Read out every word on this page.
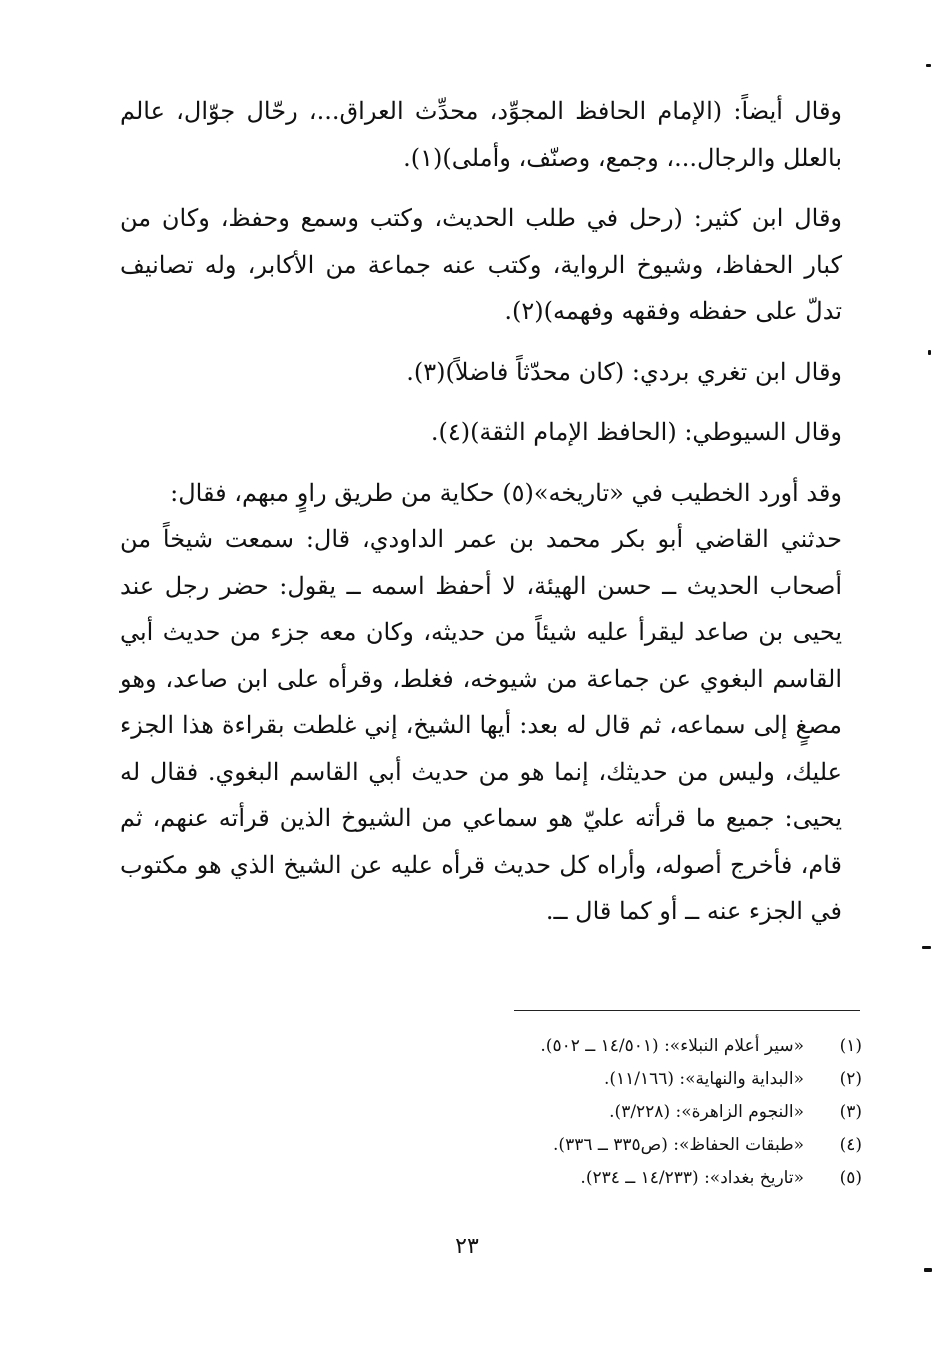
وقال أيضاً: (الإمام الحافظ المجوِّد، محدِّث العراق...، رحّال جوّال، عالم بالعلل والرجال...، وجمع، وصنّف، وأملى)(١).

وقال ابن كثير: (رحل في طلب الحديث، وكتب وسمع وحفظ، وكان من كبار الحفاظ، وشيوخ الرواية، وكتب عنه جماعة من الأكابر، وله تصانيف تدلّ على حفظه وفقهه وفهمه)(٢).

وقال ابن تغري بردي: (كان محدّثاً فاضلاً)(٣).

وقال السيوطي: (الحافظ الإمام الثقة)(٤).

وقد أورد الخطيب في «تاريخه»(٥) حكاية من طريق راوٍ مبهم، فقال:

حدثني القاضي أبو بكر محمد بن عمر الداودي، قال: سمعت شيخاً من أصحاب الحديث ــ حسن الهيئة، لا أحفظ اسمه ــ يقول: حضر رجل عند يحيى بن صاعد ليقرأ عليه شيئاً من حديثه، وكان معه جزء من حديث أبي القاسم البغوي عن جماعة من شيوخه، فغلط، وقرأه على ابن صاعد، وهو مصغٍ إلى سماعه، ثم قال له بعد: أيها الشيخ، إني غلطت بقراءة هذا الجزء عليك، وليس من حديثك، إنما هو من حديث أبي القاسم البغوي. فقال له يحيى: جميع ما قرأته عليّ هو سماعي من الشيوخ الذين قرأته عنهم، ثم قام، فأخرج أصوله، وأراه كل حديث قرأه عليه عن الشيخ الذي هو مكتوب في الجزء عنه ــ أو كما قال ــ.

(١)
«سير أعلام النبلاء»: (١٤/٥٠١ ــ ٥٠٢).
(٢)
«البداية والنهاية»: (١١/١٦٦).
(٣)
«النجوم الزاهرة»: (٣/٢٢٨).
(٤)
«طبقات الحفاظ»: (ص٣٣٥ ــ ٣٣٦).
(٥)
«تاريخ بغداد»: (١٤/٢٣٣ ــ ٢٣٤).
٢٣
